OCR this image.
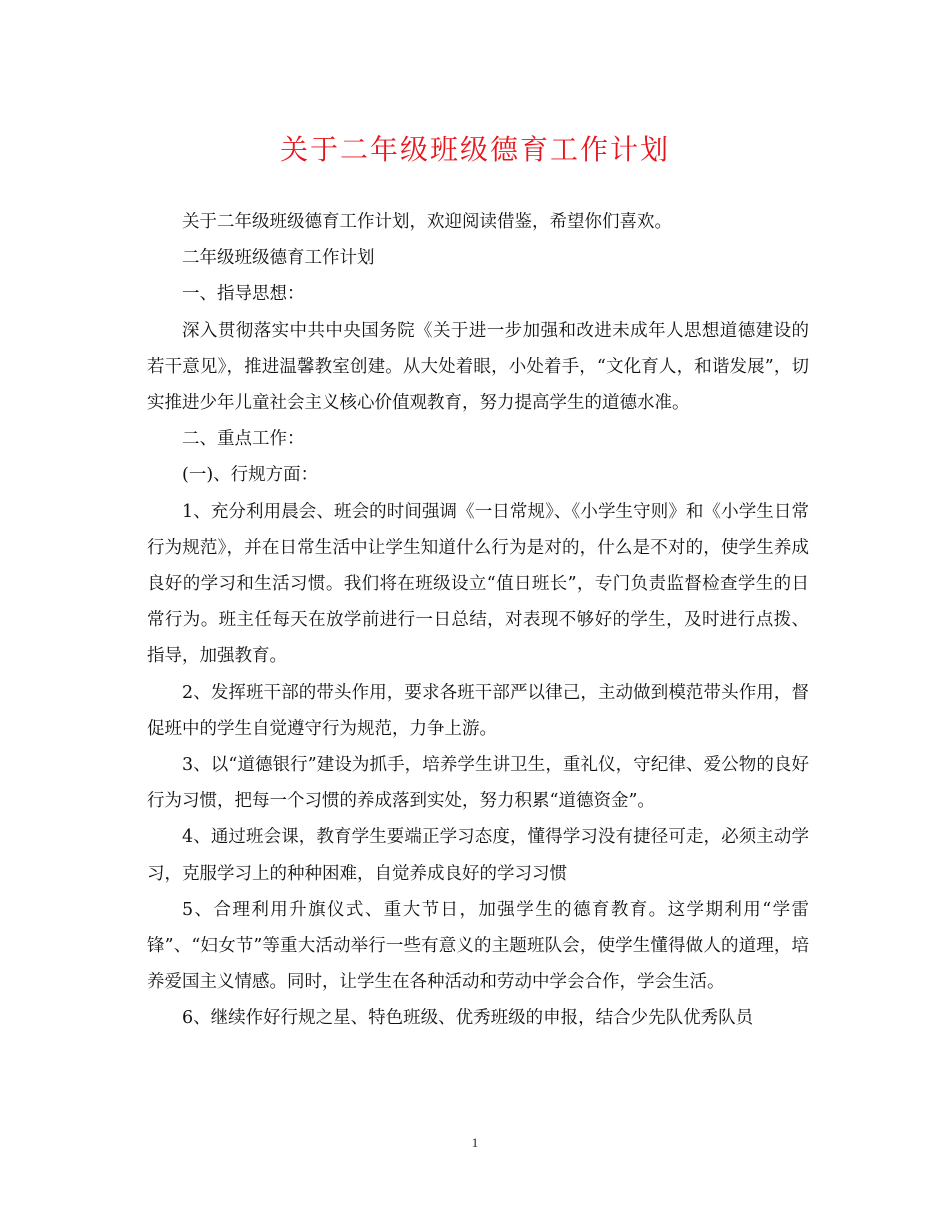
关于二年级班级德育工作计划

关于二年级班级德育工作计划，欢迎阅读借鉴，希望你们喜欢。

二年级班级德育工作计划

一、指导思想：

深入贯彻落实中共中央国务院《关于进一步加强和改进未成年人思想道德建设的若干意见》，推进温馨教室创建。从大处着眼，小处着手，“文化育人，和谐发展”，切实推进少年儿童社会主义核心价值观教育，努力提高学生的道德水准。

二、重点工作：

(一)、行规方面：

1、充分利用晨会、班会的时间强调《一日常规》、《小学生守则》和《小学生日常行为规范》，并在日常生活中让学生知道什么行为是对的，什么是不对的，使学生养成良好的学习和生活习惯。我们将在班级设立“值日班长”，专门负责监督检查学生的日常行为。班主任每天在放学前进行一日总结，对表现不够好的学生，及时进行点拨、指导，加强教育。

2、发挥班干部的带头作用，要求各班干部严以律己，主动做到模范带头作用，督促班中的学生自觉遵守行为规范，力争上游。

3、以“道德银行”建设为抓手，培养学生讲卫生，重礼仪，守纪律、爱公物的良好行为习惯，把每一个习惯的养成落到实处，努力积累“道德资金”。

4、通过班会课，教育学生要端正学习态度，懂得学习没有捷径可走，必须主动学习，克服学习上的种种困难，自觉养成良好的学习习惯

5、合理利用升旗仪式、重大节日，加强学生的德育教育。这学期利用“学雷锋”、“妇女节”等重大活动举行一些有意义的主题班队会，使学生懂得做人的道理，培养爱国主义情感。同时，让学生在各种活动和劳动中学会合作，学会生活。

6、继续作好行规之星、特色班级、优秀班级的申报，结合少先队优秀队员

1
